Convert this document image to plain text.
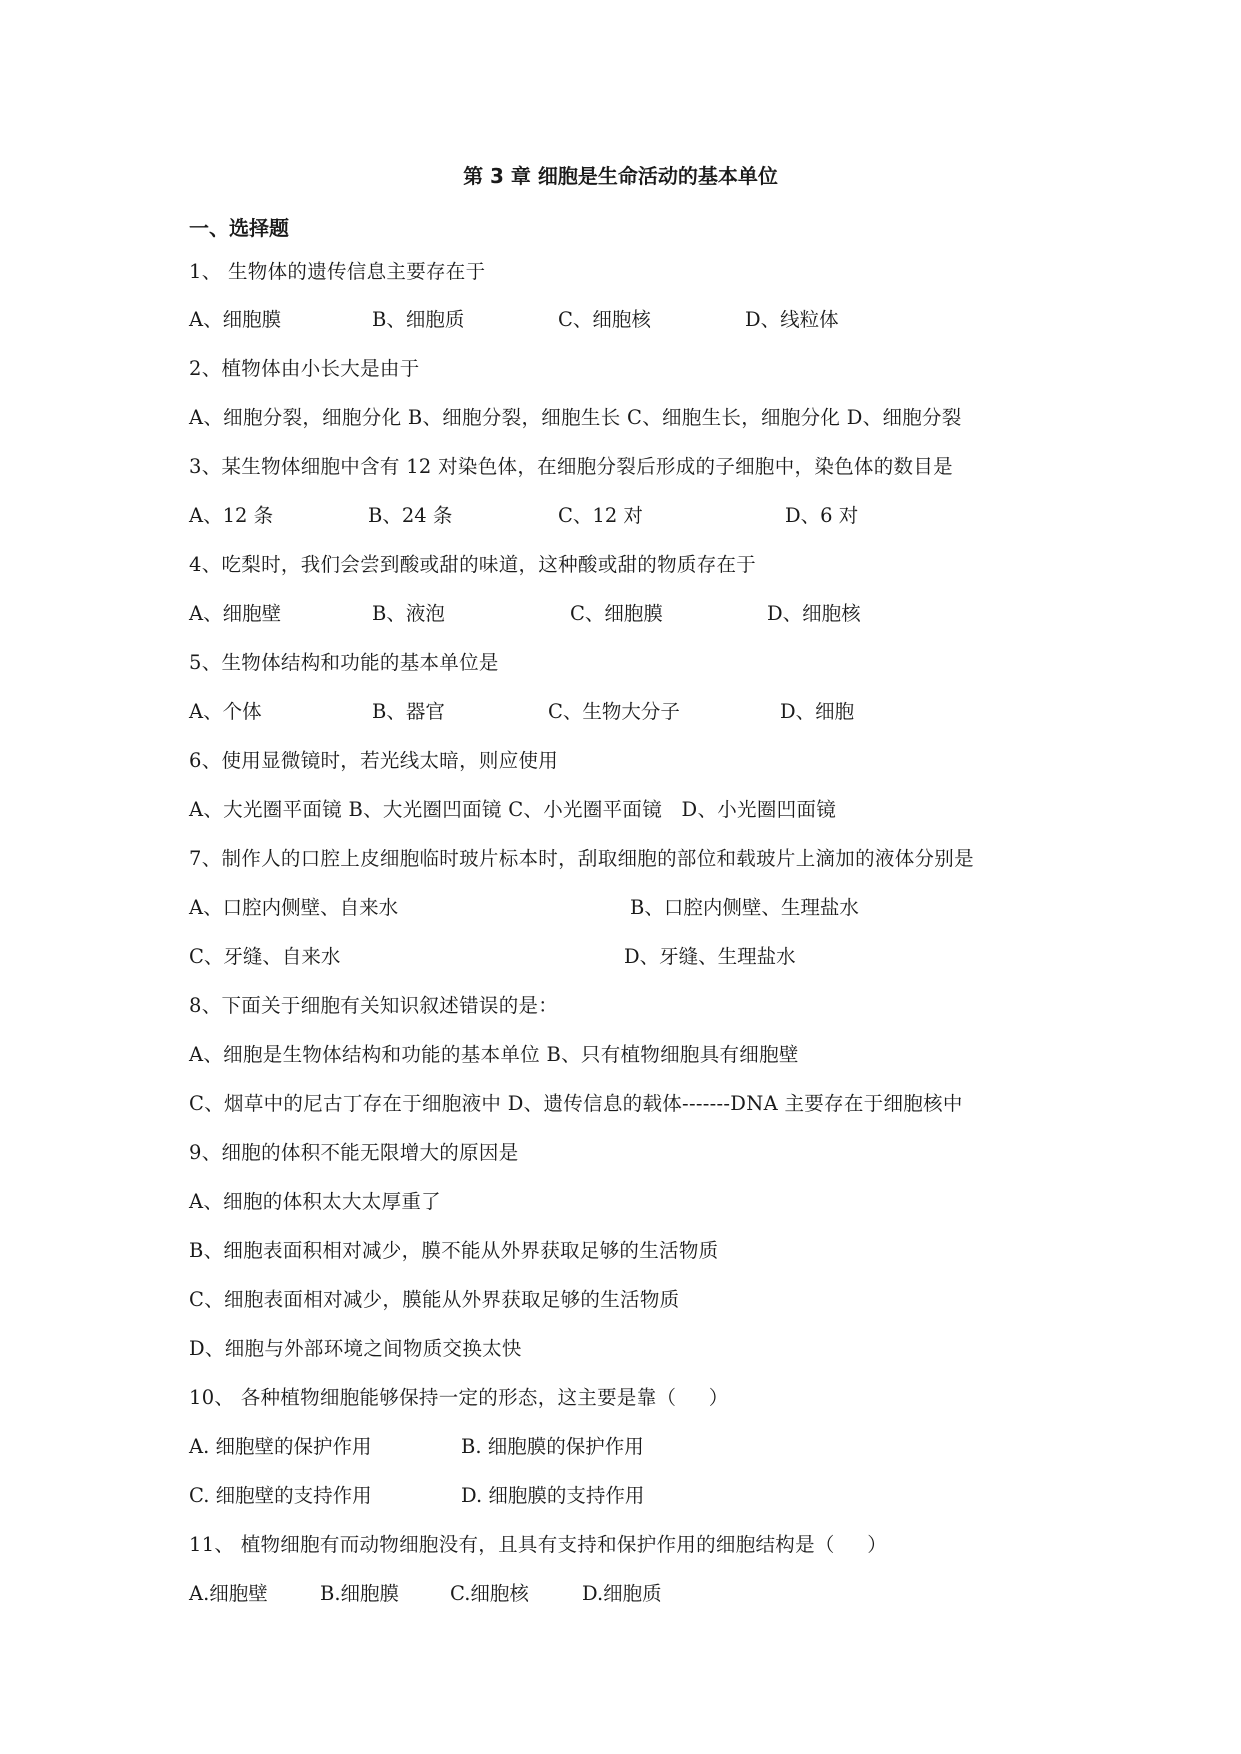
第 3 章 细胞是生命活动的基本单位
一、选择题
1、 生物体的遗传信息主要存在于
A、细胞膜	B、细胞质	C、细胞核	D、线粒体
2、植物体由小长大是由于
A、细胞分裂，细胞分化 B、细胞分裂，细胞生长 C、细胞生长，细胞分化 D、细胞分裂
3、某生物体细胞中含有 12 对染色体，在细胞分裂后形成的子细胞中，染色体的数目是
A、12 条	B、24 条	C、12 对	D、6 对
4、吃梨时，我们会尝到酸或甜的味道，这种酸或甜的物质存在于
A、细胞壁	B、液泡	C、细胞膜	D、细胞核
5、生物体结构和功能的基本单位是
A、个体	B、器官	C、生物大分子	D、细胞
6、使用显微镜时，若光线太暗，则应使用
A、大光圈平面镜 B、大光圈凹面镜 C、小光圈平面镜   D、小光圈凹面镜
7、制作人的口腔上皮细胞临时玻片标本时，刮取细胞的部位和载玻片上滴加的液体分别是
A、口腔内侧壁、自来水	B、口腔内侧壁、生理盐水
C、牙缝、自来水	D、牙缝、生理盐水
8、下面关于细胞有关知识叙述错误的是：
A、细胞是生物体结构和功能的基本单位 B、只有植物细胞具有细胞壁
C、烟草中的尼古丁存在于细胞液中 D、遗传信息的载体-------DNA 主要存在于细胞核中
9、细胞的体积不能无限增大的原因是
A、细胞的体积太大太厚重了
B、细胞表面积相对减少，膜不能从外界获取足够的生活物质
C、细胞表面相对减少，膜能从外界获取足够的生活物质
D、细胞与外部环境之间物质交换太快
10、 各种植物细胞能够保持一定的形态，这主要是靠（     ）
A. 细胞壁的保护作用	B. 细胞膜的保护作用
C. 细胞壁的支持作用	D. 细胞膜的支持作用
11、 植物细胞有而动物细胞没有，且具有支持和保护作用的细胞结构是（     ）
A.细胞壁	B.细胞膜	C.细胞核	D.细胞质
